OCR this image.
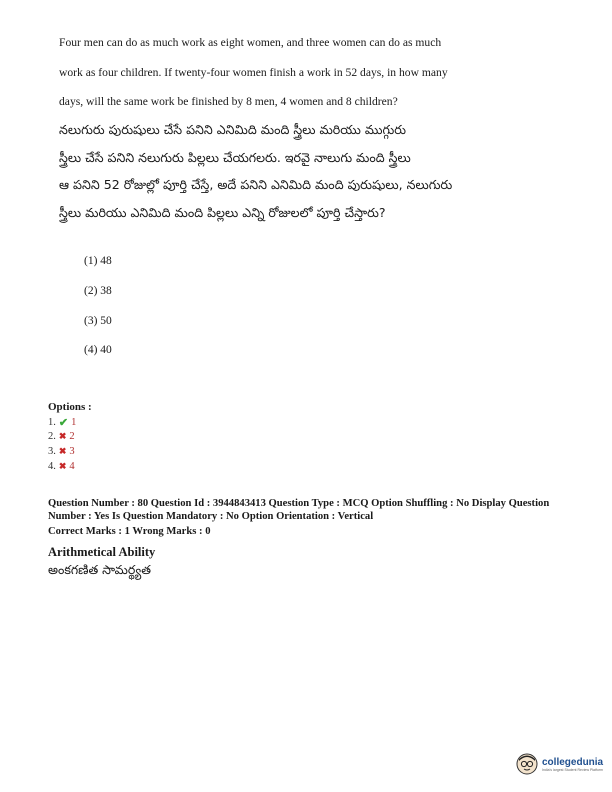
Four men can do as much work as eight women, and three women can do as much
work as four children. If twenty-four women finish a work in 52 days, in how many
days, will the same work be finished by 8 men, 4 women and 8 children?
నలుగురు పురుషులు చేసే పనిని ఎనిమిది మంది స్త్రీలు మరియు ముగ్గురు
స్త్రీలు చేసే పనిని నలుగురు పిల్లలు చేయగలరు. ఇరవై నాలుగు మంది స్త్రీలు
ఆ పనిని 52 రోజుల్లో పూర్తి చేస్తే, అదే పనిని ఎనిమిది మంది పురుషులు, నలుగురు
స్త్రీలు మరియు ఎనిమిది మంది పిల్లలు ఎన్ని రోజులలో పూర్తి చేస్తారు?
(1) 48
(2) 38
(3) 50
(4) 40
Options :
1. ✔ 1
2. ✖ 2
3. ✖ 3
4. ✖ 4
Question Number : 80 Question Id : 3944843413 Question Type : MCQ Option Shuffling : No Display Question
Number : Yes Is Question Mandatory : No Option Orientation : Vertical
Correct Marks : 1 Wrong Marks : 0
Arithmetical Ability
అంకగణిత సామర్థ్యత
collegedunia
India's largest Student Review Platform
